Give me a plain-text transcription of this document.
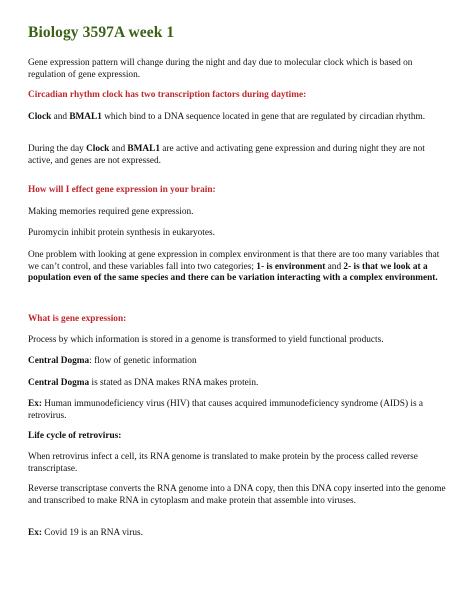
Biology 3597A week 1

Gene expression pattern will change during the night and day due to molecular clock which is based on regulation of gene expression.

Circadian rhythm clock has two transcription factors during daytime:

Clock and BMAL1 which bind to a DNA sequence located in gene that are regulated by circadian rhythm.

During the day Clock and BMAL1 are active and activating gene expression and during night they are not active, and genes are not expressed.

How will I effect gene expression in your brain:

Making memories required gene expression.

Puromycin inhibit protein synthesis in eukaryotes.

One problem with looking at gene expression in complex environment is that there are too many variables that we can’t control, and these variables fall into two categories; 1- is environment and 2- is that we look at a population even of the same species and there can be variation interacting with a complex environment.

What is gene expression:

Process by which information is stored in a genome is transformed to yield functional products.

Central Dogma: flow of genetic information

Central Dogma is stated as DNA makes RNA makes protein.

Ex: Human immunodeficiency virus (HIV) that causes acquired immunodeficiency syndrome (AIDS) is a retrovirus.

Life cycle of retrovirus:

When retrovirus infect a cell, its RNA genome is translated to make protein by the process called reverse transcriptase.

Reverse transcriptase converts the RNA genome into a DNA copy, then this DNA copy inserted into the genome and transcribed to make RNA in cytoplasm and make protein that assemble into viruses.

Ex: Covid 19 is an RNA virus.
